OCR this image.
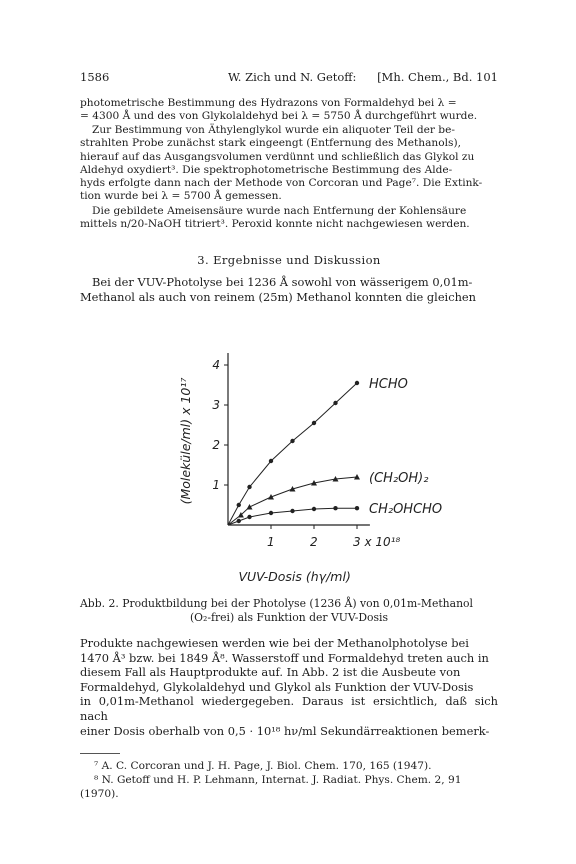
1586	W. Zich und N. Getoff: [Mh. Chem., Bd. 101
photometrische Bestimmung des Hydrazons von Formaldehyd bei λ =
= 4300 Å und des von Glykolaldehyd bei λ = 5750 Å durchgeführt wurde.
Zur Bestimmung von Äthylenglykol wurde ein aliquoter Teil der be-
strahlten Probe zunächst stark eingeengt (Entfernung des Methanols),
hierauf auf das Ausgangsvolumen verdünnt und schließlich das Glykol zu
Aldehyd oxydiert³. Die spektrophotometrische Bestimmung des Alde-
hyds erfolgte dann nach der Methode von Corcoran und Page⁷. Die Extink-
tion wurde bei λ = 5700 Å gemessen.
Die gebildete Ameisensäure wurde nach Entfernung der Kohlensäure
mittels n/20-NaOH titriert³. Peroxid konnte nicht nachgewiesen werden.
3. Ergebnisse und Diskussion
Bei der VUV-Photolyse bei 1236 Å sowohl von wässerigem 0,01m-
Methanol als auch von reinem (25m) Methanol konnten die gleichen
1
2
3
4
1	2	3 x 10¹⁸
HCHO
(CH₂OH)₂
CH₂OHCHO
(Moleküle/ml) x 10¹⁷
VUV-Dosis (hγ/ml)
Abb. 2. Produktbildung bei der Photolyse (1236 Å) von 0,01m-Methanol
(O₂-frei) als Funktion der VUV-Dosis
Produkte nachgewiesen werden wie bei der Methanolphotolyse bei
1470 Å³ bzw. bei 1849 Å⁸. Wasserstoff und Formaldehyd treten auch in
diesem Fall als Hauptprodukte auf. In Abb. 2 ist die Ausbeute von
Formaldehyd, Glykolaldehyd und Glykol als Funktion der VUV-Dosis
in 0,01m-Methanol wiedergegeben. Daraus ist ersichtlich, daß sich nach
einer Dosis oberhalb von 0,5 · 10¹⁸ hν/ml Sekundärreaktionen bemerk-
⁷ A. C. Corcoran und J. H. Page, J. Biol. Chem. 170, 165 (1947).
⁸ N. Getoff und H. P. Lehmann, Internat. J. Radiat. Phys. Chem. 2, 91
(1970).
